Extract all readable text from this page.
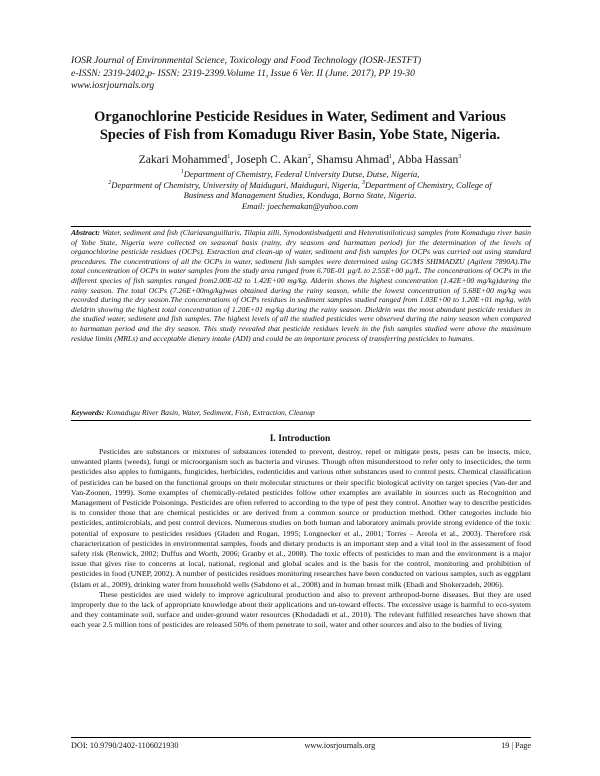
IOSR Journal of Environmental Science, Toxicology and Food Technology (IOSR-JESTFT)
e-ISSN: 2319-2402,p- ISSN: 2319-2399.Volume 11, Issue 6 Ver. II (June. 2017), PP 19-30
www.iosrjournals.org
Organochlorine Pesticide Residues in Water, Sediment and Various
Species of Fish from Komadugu River Basin, Yobe State, Nigeria.
Zakari Mohammed$^1$, Joseph C. Akan$^2$, Shamsu Ahmad$^1$, Abba Hassan$^3$
$^1$Department of Chemistry, Federal University Dutse, Dutse, Nigeria,
$^2$Department of Chemistry, University of Maiduguri, Maiduguri, Nigeria, $^3$Department of Chemistry, College of
Business and Management Studies, Konduga, Borno State, Nigeria.
Email: joechemakan@yahoo.com
Abstract: Water, sediment and fish (Clariasanguillaris, Tilapia zilli, Synodontisbudgetti and Heterotisniloticus) samples from Komadugu river basin of Yobe State, Nigeria were collected on seasonal basis (rainy, dry seasons and harmattan period) for the determination of the levels of organochlorine pesticide residues (OCPs). Extraction and clean-up of water, sediment and fish samples for OCPs was carried out using standard procedures. The concentrations of all the OCPs in water, sediment fish samples were determined using GC/MS SHIMADZU (Agilent 7890A).The total concentration of OCPs in water samples from the study area ranged from 6.70E-01 µg/L to 2.55E+00 µg/L. The concentrations of OCPs in the different species of fish samples ranged from2.00E-02 to 1.42E+00 mg/kg. Alderin shows the highest concentration (1.42E+00 mg/kg)during the rainy season. The total OCPs (7.26E+00mg/kg)was obtained during the rainy season, while the lowest concentration of 5.68E+00 mg/kg was recorded during the dry season.The concentrations of OCPs residues in sediment samples studied ranged from 1.03E+00 to 1.20E+01 mg/kg, with dieldrin showing the highest total concentration of 1.20E+01 mg/kg during the rainy season. Dieldrin was the most abundant pesticide residues in the studied water, sediment and fish samples. The highest levels of all the studied pesticides were observed during the rainy season when compared to harmattan period and the dry season. This study revealed that pesticide residues levels in the fish samples studied were above the maximum residue limits (MRLs) and acceptable dietary intake (ADI) and could be an important process of transferring pesticides to humans.
Keywords: Komadugu River Basin, Water, Sediment, Fish, Extraction, Cleanup
I. Introduction

Pesticides are substances or mixtures of substances intended to prevent, destroy, repel or mitigate pests, pests can be insects, mice, unwanted plants (weeds), fungi or microorganism such as bacteria and viruses. Though often misunderstood to refer only to insecticides, the term pesticides also apples to fumigants, fungicides, herbicides, rodenticides and various other substances used to control pests. Chemical classification of pesticides can be based on the functional groups on their molecular structures or their specific biological activity on target species (Van-der and Van-Zoonen, 1999). Some examples of chemically-related pesticides follow other examples are available in sources such as Recognition and Management of Pesticide Poisonings. Pesticides are often referred to according to the type of pest they control. Another way to describe pesticides is to consider those that are chemical pesticides or are derived from a common source or production method. Other categories include bio pesticides, antimicrobials, and pest control devices. Numerous studies on both human and laboratory animals provide strong evidence of the toxic potential of exposure to pesticides residues (Gladen and Rogan, 1995; Longnecker et al., 2001; Torres – Areola et al., 2003). Therefore risk characterization of pesticides in environmental samples, foods and dietary products is an important step and a vital tool in the assessment of food safety risk (Renwick, 2002; Duffus and Worth, 2006; Granby et al., 2008). The toxic effects of pesticides to man and the environment is a major issue that gives rise to concerns at local, national, regional and global scales and is the basis for the control, monitoring and prohibition of pesticides in food (UNEP, 2002). A number of pesticides residues monitoring researches have been conducted on various samples, such as eggplant (Islam et al., 2009), drinking water from household wells (Sabdono et al., 2008) and in human breast milk (Ebadi and Shokerzadeh, 2006).

These pesticides are used widely to improve agricultural production and also to prevent arthropod-borne diseases. But they are used improperly due to the lack of appropriate knowledge about their applications and un-toward effects. The excessive usage is harmful to eco-system and they contaminate soil, surface and under-ground water resources (Khodadadi et al., 2010). The relevant fulfilled researches have shown that each year 2.5 million tons of pesticides are released 50% of them penetrate to soil, water and other sources and also to the bodies of living

DOI: 10.9790/2402-1106021930	www.iosrjournals.org	19 | Page
